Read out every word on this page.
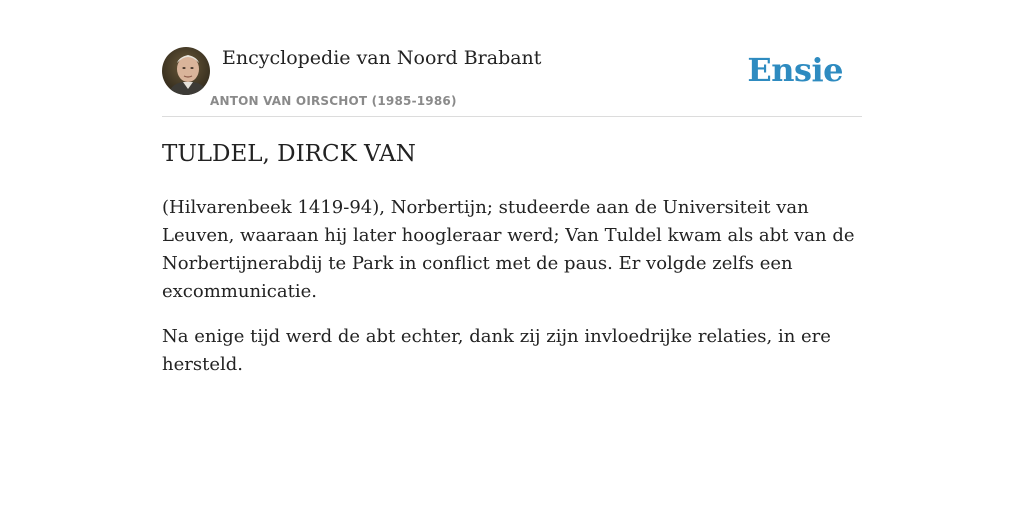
Encyclopedie van Noord Brabant
ANTON VAN OIRSCHOT (1985-1986)
Ensie
TULDEL, DIRCK VAN

(Hilvarenbeek 1419-94), Norbertijn; studeerde aan de Universiteit van Leuven, waaraan hij later hoogleraar werd; Van Tuldel kwam als abt van de Norbertijnerabdij te Park in conflict met de paus. Er volgde zelfs een excommunicatie.

Na enige tijd werd de abt echter, dank zij zijn invloedrijke relaties, in ere hersteld.
